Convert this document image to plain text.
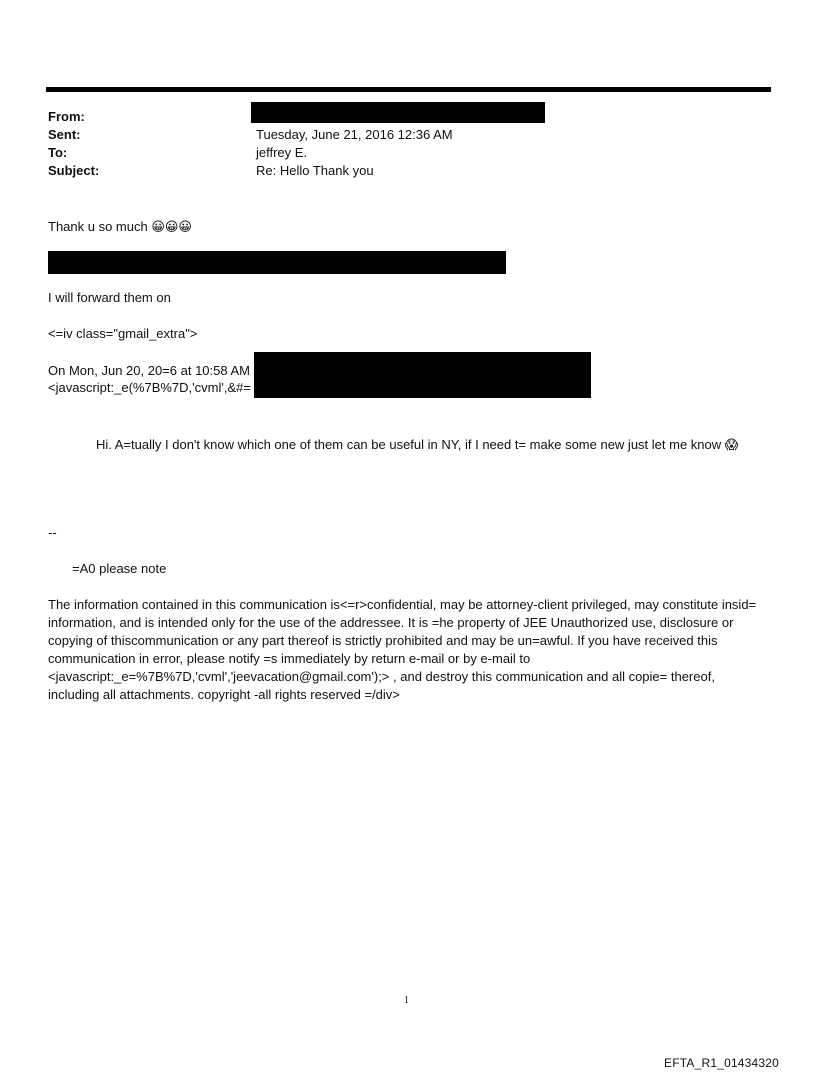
From:
Sent:	Tuesday, June 21, 2016 12:36 AM
To:	jeffrey E.
Subject:	Re: Hello Thank you
Thank u so much 😀😀😀
I will forward them on
<=iv class="gmail_extra">
On Mon, Jun 20, 20=6 at 10:58 AM
<javascript:_e(%7B%7D,'cvml',&#=
Hi. A=tually I don't know which one of them can be useful in NY, if I need t= make some new just let me know 😱
--
=A0 please note
The information contained in this communication is<=r>confidential, may be attorney-client privileged, may constitute insid= information, and is intended only for the use of the addressee. It is =he property of JEE Unauthorized use, disclosure or copying of thiscommunication or any part thereof is strictly prohibited and may be un=awful. If you have received this communication in error, please notify =s immediately by return e-mail or by e-mail to <javascript:_e=%7B%7D,'cvml','jeevacation@gmail.com');> , and destroy this communication and all copie= thereof, including all attachments. copyright -all rights reserved =/div>
1
EFTA_R1_01434320
